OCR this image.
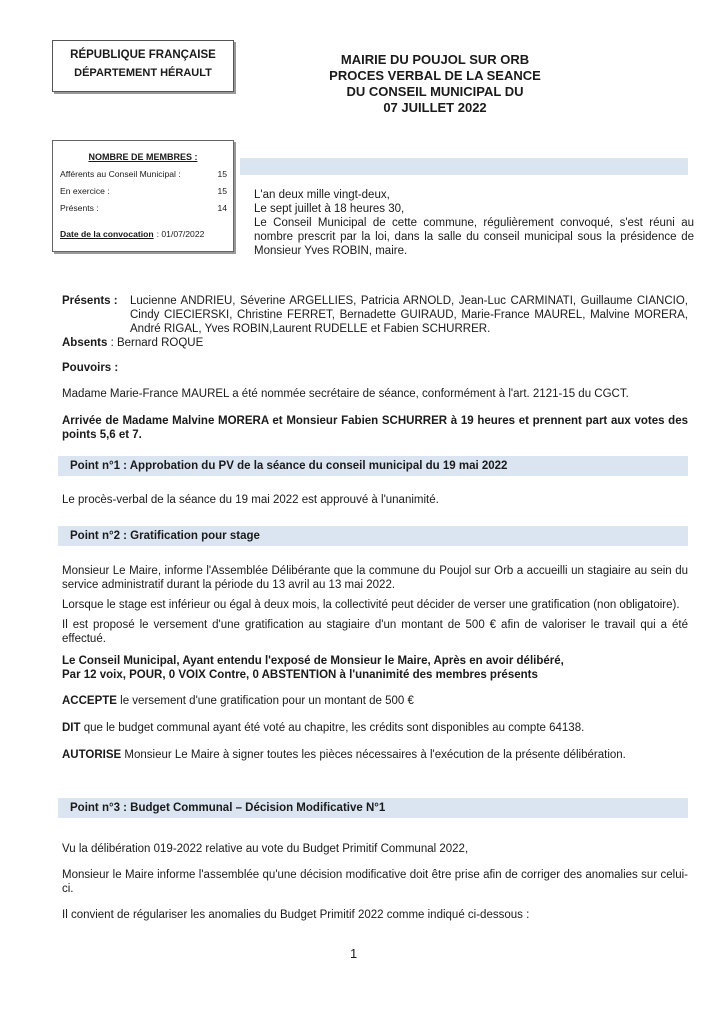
RÉPUBLIQUE FRANÇAISE
DÉPARTEMENT HÉRAULT
MAIRIE DU POUJOL SUR ORB
PROCES VERBAL DE LA SEANCE
DU CONSEIL MUNICIPAL DU
07 JUILLET 2022
NOMBRE DE MEMBRES :
Afférents au Conseil Municipal :	15
En exercice :	15
Présents :	14
Date de la convocation : 01/07/2022

L'an deux mille vingt-deux,

Le sept juillet à 18 heures 30,

Le Conseil Municipal de cette commune, régulièrement convoqué, s'est réuni au nombre prescrit par la loi, dans la salle du conseil municipal sous la présidence de Monsieur Yves ROBIN, maire.

Présents :	Lucienne ANDRIEU, Séverine ARGELLIES, Patricia ARNOLD, Jean-Luc CARMINATI, Guillaume CIANCIO, Cindy CIECIERSKI, Christine FERRET, Bernadette GUIRAUD, Marie-France MAUREL, Malvine MORERA, André RIGAL, Yves ROBIN,Laurent RUDELLE et Fabien SCHURRER.
Absents : Bernard ROQUE
Pouvoirs :
Madame Marie-France MAUREL a été nommée secrétaire de séance, conformément à l'art. 2121-15 du CGCT.
Arrivée de Madame Malvine MORERA et Monsieur Fabien SCHURRER à 19 heures et prennent part aux votes des points 5,6 et 7.
Point n°1 : Approbation du PV de la séance du conseil municipal du 19 mai 2022
Le procès-verbal de la séance du 19 mai 2022 est approuvé à l'unanimité.
Point n°2 : Gratification pour stage

Monsieur Le Maire, informe l'Assemblée Délibérante que la commune du Poujol sur Orb a accueilli un stagiaire au sein du service administratif durant la période du 13 avril au 13 mai 2022.

Lorsque le stage est inférieur ou égal à deux mois, la collectivité peut décider de verser une gratification (non obligatoire).

Il est proposé le versement d'une gratification au stagiaire d'un montant de 500 € afin de valoriser le travail qui a été effectué.

Le Conseil Municipal, Ayant entendu l'exposé de Monsieur le Maire, Après en avoir délibéré,

Par 12 voix, POUR, 0 VOIX Contre, 0 ABSTENTION à l'unanimité des membres présents

ACCEPTE le versement d'une gratification pour un montant de 500 €

DIT que le budget communal ayant été voté au chapitre, les crédits sont disponibles au compte 64138.

AUTORISE Monsieur Le Maire à signer toutes les pièces nécessaires à l'exécution de la présente délibération.

Point n°3 : Budget Communal – Décision Modificative N°1

Vu la délibération 019-2022 relative au vote du Budget Primitif Communal 2022,

Monsieur le Maire informe l'assemblée qu'une décision modificative doit être prise afin de corriger des anomalies sur celui-ci.

Il convient de régulariser les anomalies du Budget Primitif 2022 comme indiqué ci-dessous :

1
